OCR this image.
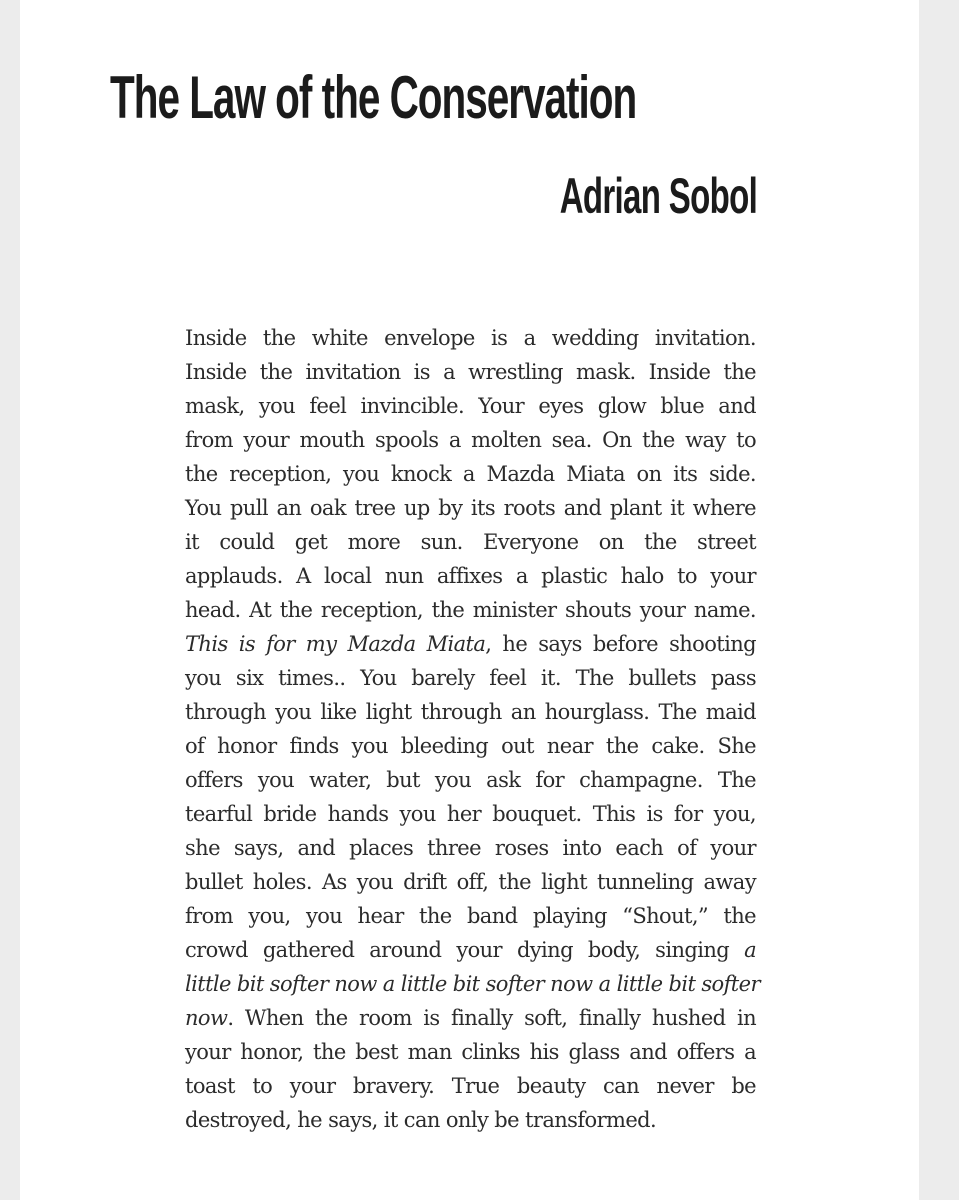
The Law of the Conservation
Adrian Sobol
Inside the white envelope is a wedding invitation.
Inside the invitation is a wrestling mask. Inside the
mask, you feel invincible. Your eyes glow blue and
from your mouth spools a molten sea. On the way to
the reception, you knock a Mazda Miata on its side.
You pull an oak tree up by its roots and plant it where
it could get more sun. Everyone on the street
applauds. A local nun affixes a plastic halo to your
head. At the reception, the minister shouts your name.
This is for my Mazda Miata, he says before shooting
you six times.. You barely feel it. The bullets pass
through you like light through an hourglass. The maid
of honor finds you bleeding out near the cake. She
offers you water, but you ask for champagne. The
tearful bride hands you her bouquet. This is for you,
she says, and places three roses into each of your
bullet holes. As you drift off, the light tunneling away
from you, you hear the band playing “Shout,” the
crowd gathered around your dying body, singing a
little bit softer now a little bit softer now a little bit softer
now. When the room is finally soft, finally hushed in
your honor, the best man clinks his glass and offers a
toast to your bravery. True beauty can never be
destroyed, he says, it can only be transformed.
